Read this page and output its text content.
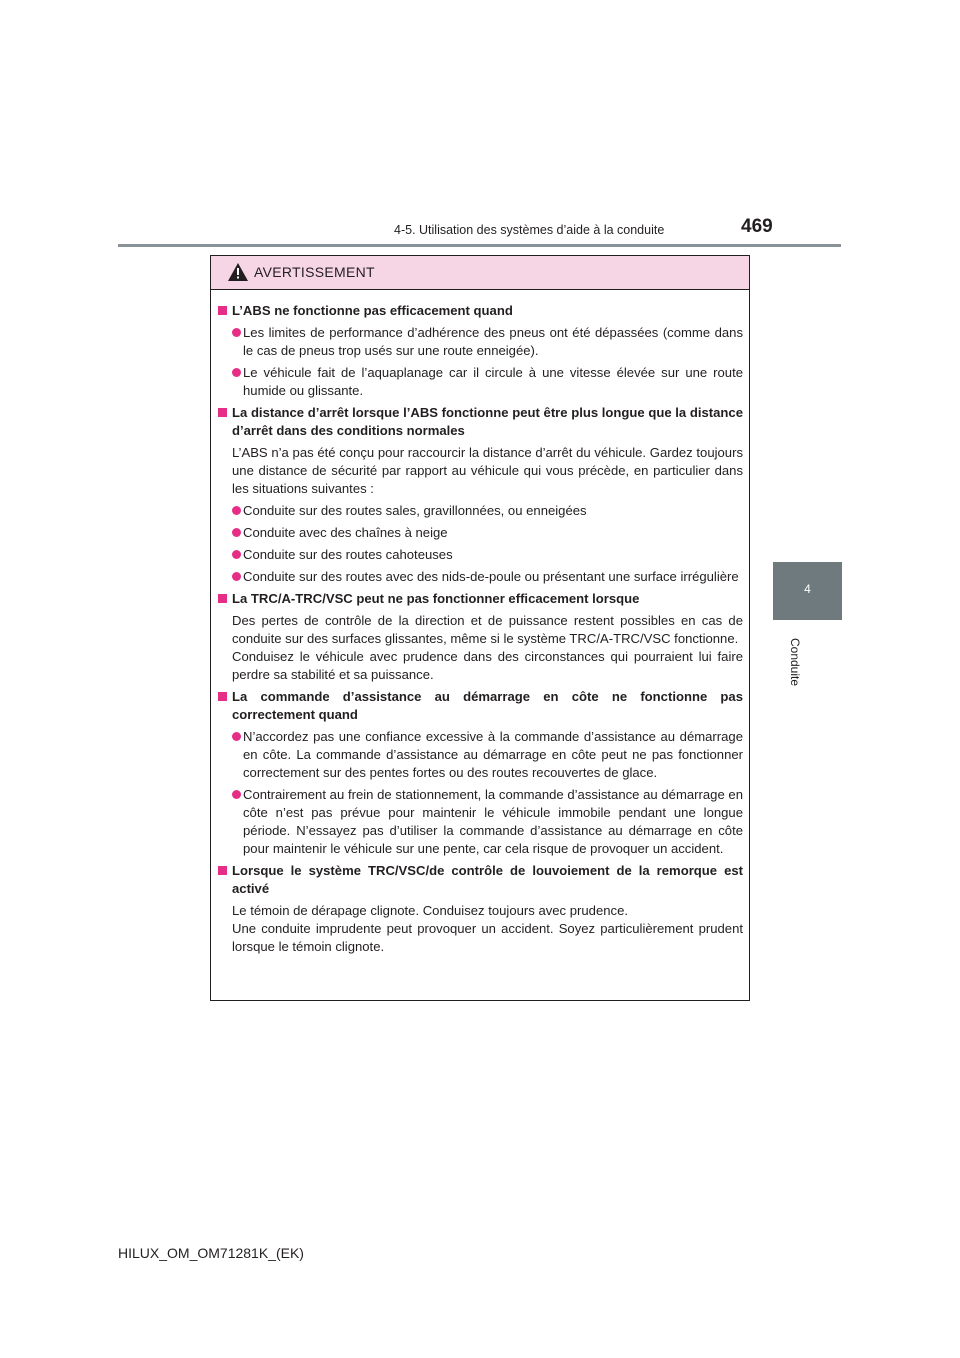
4-5. Utilisation des systèmes d’aide à la conduite	469
4
Conduite
AVERTISSEMENT
L’ABS ne fonctionne pas efficacement quand
Les limites de performance d’adhérence des pneus ont été dépassées (comme dans le cas de pneus trop usés sur une route enneigée).
Le véhicule fait de l’aquaplanage car il circule à une vitesse élevée sur une route humide ou glissante.
La distance d’arrêt lorsque l’ABS fonctionne peut être plus longue que la distance d’arrêt dans des conditions normales
L’ABS n’a pas été conçu pour raccourcir la distance d’arrêt du véhicule. Gardez toujours une distance de sécurité par rapport au véhicule qui vous précède, en particulier dans les situations suivantes :
Conduite sur des routes sales, gravillonnées, ou enneigées
Conduite avec des chaînes à neige
Conduite sur des routes cahoteuses
Conduite sur des routes avec des nids-de-poule ou présentant une surface irrégulière
La TRC/A-TRC/VSC peut ne pas fonctionner efficacement lorsque
Des pertes de contrôle de la direction et de puissance restent possibles en cas de conduite sur des surfaces glissantes, même si le système TRC/A-TRC/VSC fonctionne.
Conduisez le véhicule avec prudence dans des circonstances qui pourraient lui faire perdre sa stabilité et sa puissance.
La commande d’assistance au démarrage en côte ne fonctionne pas correctement quand
N’accordez pas une confiance excessive à la commande d’assistance au démarrage en côte. La commande d’assistance au démarrage en côte peut ne pas fonctionner correctement sur des pentes fortes ou des routes recouvertes de glace.
Contrairement au frein de stationnement, la commande d’assistance au démarrage en côte n’est pas prévue pour maintenir le véhicule immobile pendant une longue période. N’essayez pas d’utiliser la commande d’assistance au démarrage en côte pour maintenir le véhicule sur une pente, car cela risque de provoquer un accident.
Lorsque le système TRC/VSC/de contrôle de louvoiement de la remorque est activé
Le témoin de dérapage clignote. Conduisez toujours avec prudence.
Une conduite imprudente peut provoquer un accident. Soyez particulièrement prudent lorsque le témoin clignote.
HILUX_OM_OM71281K_(EK)
